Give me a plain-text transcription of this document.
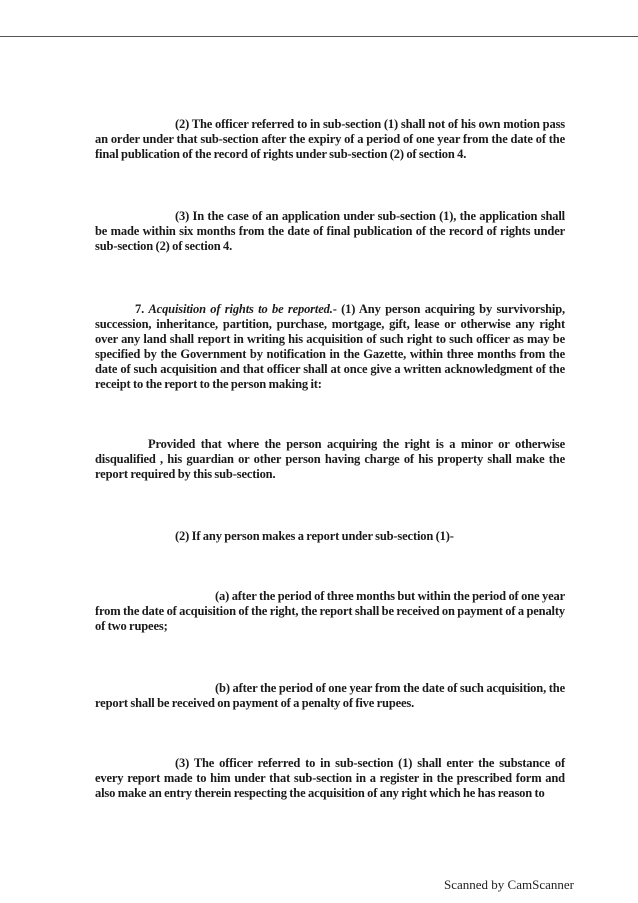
(2) The officer referred to in sub-section (1) shall not of his own motion pass an order under that sub-section after the expiry of a period of one year from the date of the final publication of the record of rights under sub-section (2) of section 4.

(3) In the case of an application under sub-section (1), the application shall be made within six months from the date of final publication of the record of rights under sub-section (2) of section 4.

7. Acquisition of rights to be reported.- (1) Any person acquiring by survivorship, succession, inheritance, partition, purchase, mortgage, gift, lease or otherwise any right over any land shall report in writing his acquisition of such right to such officer as may be specified by the Government by notification in the Gazette, within three months from the date of such acquisition and that officer shall at once give a written acknowledgment of the receipt to the report to the person making it:

Provided that where the person acquiring the right is a minor or otherwise disqualified , his guardian or other person having charge of his property shall make the report required by this sub-section.

(2) If any person makes a report under sub-section (1)-

(a) after the period of three months but within the period of one year from the date of acquisition of the right, the report shall be received on payment of a penalty of two rupees;

(b) after the period of one year from the date of such acquisition, the report shall be received on payment of a penalty of five rupees.

(3) The officer referred to in sub-section (1) shall enter the substance of every report made to him under that sub-section in a register in the prescribed form and also make an entry therein respecting the acquisition of any right which he has reason to

Scanned by CamScanner
